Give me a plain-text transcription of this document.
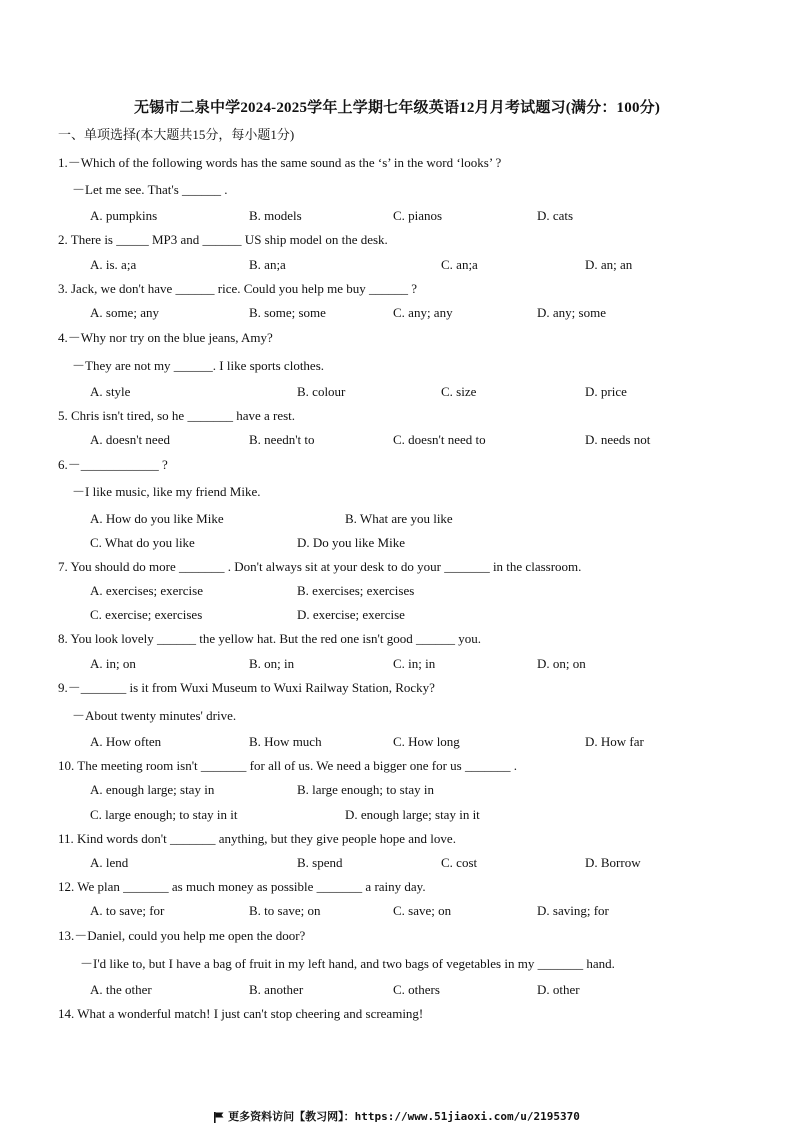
无锡市二泉中学2024-2025学年上学期七年级英语12月月考试题习(满分：100分)
一、单项选择(本大题共15分，每小题1分)
1.－Which of the following words has the same sound as the ‘s’ in the word ‘looks’ ?
－Let me see. That's ______ .
A. pumpkins	B. models	C. pianos	D. cats
2. There is _____ MP3 and ______ US ship model on the desk.
A. is. a;a	B. an;a	C. an;a	D. an; an
3. Jack, we don't have ______ rice. Could you help me buy ______ ?
A. some; any	B. some; some	C. any; any	D. any; some
4.－Why nor try on the blue jeans, Amy?
－They are not my ______. I like sports clothes.
A. style	B. colour	C. size	D. price
5. Chris isn't tired, so he _______ have a rest.
A. doesn't need	B. needn't to	C. doesn't need to	D. needs not
6.－____________ ?
－I like music, like my friend Mike.
A. How do you like Mike	B. What are you like
C. What do you like	D. Do you like Mike
7. You should do more _______ . Don't always sit at your desk to do your _______ in the classroom.
A. exercises; exercise	B. exercises; exercises
C. exercise; exercises	D. exercise; exercise
8. You look lovely ______ the yellow hat. But the red one isn't good ______ you.
A. in; on	B. on; in	C. in; in	D. on; on
9.－_______ is it from Wuxi Museum to Wuxi Railway Station, Rocky?
－About twenty minutes' drive.
A. How often	B. How much	C. How long	D. How far
10. The meeting room isn't _______ for all of us. We need a bigger one for us _______ .
A. enough large; stay in	B. large enough; to stay in
C. large enough; to stay in it	D. enough large; stay in it
11. Kind words don't _______ anything, but they give people hope and love.
A. lend	B. spend	C. cost	D. Borrow
12. We plan _______ as much money as possible _______ a rainy day.
A. to save; for	B. to save; on	C. save; on	D. saving; for
13.－Daniel, could you help me open the door?
－I'd like to, but I have a bag of fruit in my left hand, and two bags of vegetables in my _______ hand.
A. the other	B. another	C. others	D. other
14. What a wonderful match! I just can't stop cheering and screaming!
更多资料访问【教习网】：https://www.51jiaoxi.com/u/2195370
